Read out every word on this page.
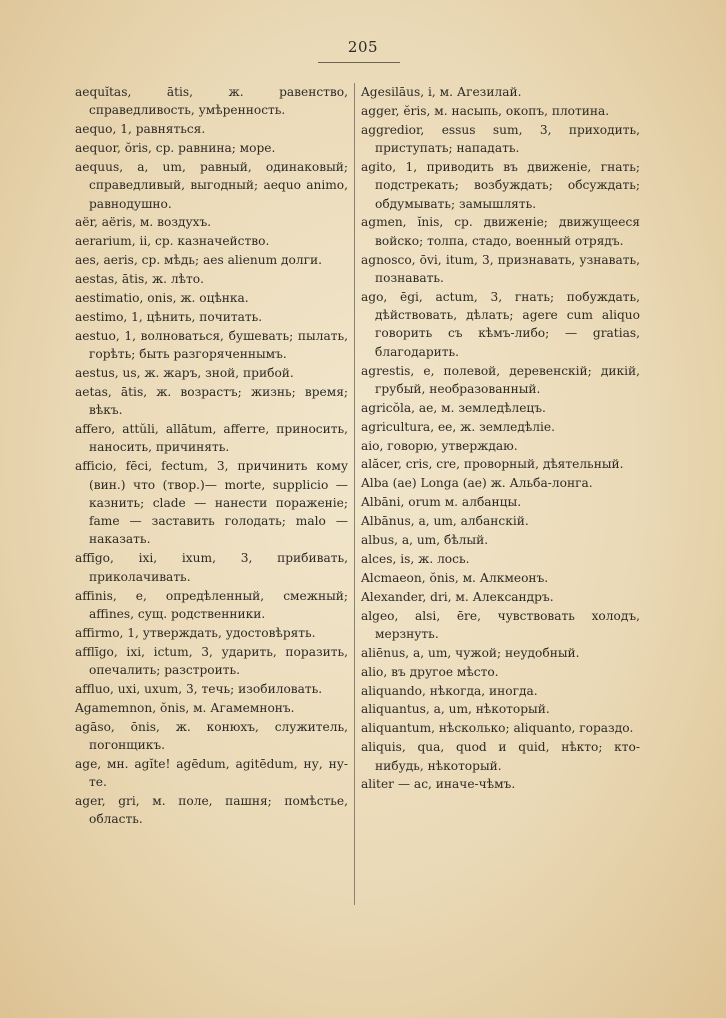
205
aequĭtas, ātis, ж. равенство, справедливость, умѣренность.
aequo, 1, равняться.
aequor, ŏris, ср. равнина; море.
aequus, a, um, равный, одинаковый; справедливый, выгодный; aequo animo, равнодушно.
aër, aëris, м. воздухъ.
aerarium, ii, ср. казначейство.
aes, aeris, ср. мѣдь; aes alienum долги.
aestas, ātis, ж. лѣто.
aestimatio, onis, ж. оцѣнка.
aestimo, 1, цѣнить, почитать.
aestuo, 1, волноваться, бушевать; пылать, горѣть; быть разгоряченнымъ.
aestus, us, ж. жаръ, зной, прибой.
aetas, ātis, ж. возрастъ; жизнь; время; вѣкъ.
affero, attŭli, allātum, afferre, приносить, наносить, причинять.
afficio, fēci, fectum, 3, причинить кому (вин.) что (твор.)— morte, supplicio — казнить; clade — нанести пораженіе; fame — заставить голодать; malo — наказать.
affīgo, ixi, ixum, 3, прибивать, приколачивать.
affinis, e, опредѣленный, смежный; affines, сущ. родственники.
affirmo, 1, утверждать, удостовѣрять.
afflīgo, ixi, ictum, 3, ударить, поразить, опечалить; разстроить.
affluo, uxi, uxum, 3, течь; изобиловать.
Agamemnon, ŏnis, м. Агамемнонъ.
agāso, ōnis, ж. конюхъ, служитель, погонщикъ.
age, мн. agĭte! agēdum, agitēdum, ну, ну-те.
ager, gri, м. поле, пашня; помѣстье, область.
Agesilāus, i, м. Агезилай.
agger, ĕris, м. насыпь, окопъ, плотина.
aggredior, essus sum, 3, приходить, приступать; нападать.
agito, 1, приводить въ движеніе, гнать; подстрекать; возбуждать; обсуждать; обдумывать; замышлять.
agmen, ĭnis, ср. движеніе; движущееся войско; толпа, стадо, военный отрядъ.
agnosco, ōvi, itum, 3, признавать, узнавать, познавать.
ago, ēgi, actum, 3, гнать; побуждать, дѣйствовать, дѣлать; agere cum aliquo говорить съ кѣмъ-либо; — gratias, благодарить.
agrestis, e, полевой, деревенскій; дикій, грубый, необразованный.
agricŏla, ae, м. земледѣлецъ.
agricultura, ee, ж. земледѣліе.
aio, говорю, утверждаю.
alăcer, cris, cre, проворный, дѣятельный.
Alba (ae) Longa (ae) ж. Альба-лонга.
Albāni, orum м. албанцы.
Albānus, a, um, албанскій.
albus, a, um, бѣлый.
alces, is, ж. лось.
Alcmaeon, ŏnis, м. Алкмеонъ.
Alexander, dri, м. Александръ.
algeo, alsi, ēre, чувствовать холодъ, мерзнуть.
aliēnus, a, um, чужой; неудобный.
alio, въ другое мѣсто.
aliquando, нѣкогда, иногда.
aliquantus, a, um, нѣкоторый.
aliquantum, нѣсколько; aliquanto, гораздо.
aliquis, qua, quod и quid, нѣкто; кто-нибудь, нѣкоторый.
aliter — ac, иначе-чѣмъ.
